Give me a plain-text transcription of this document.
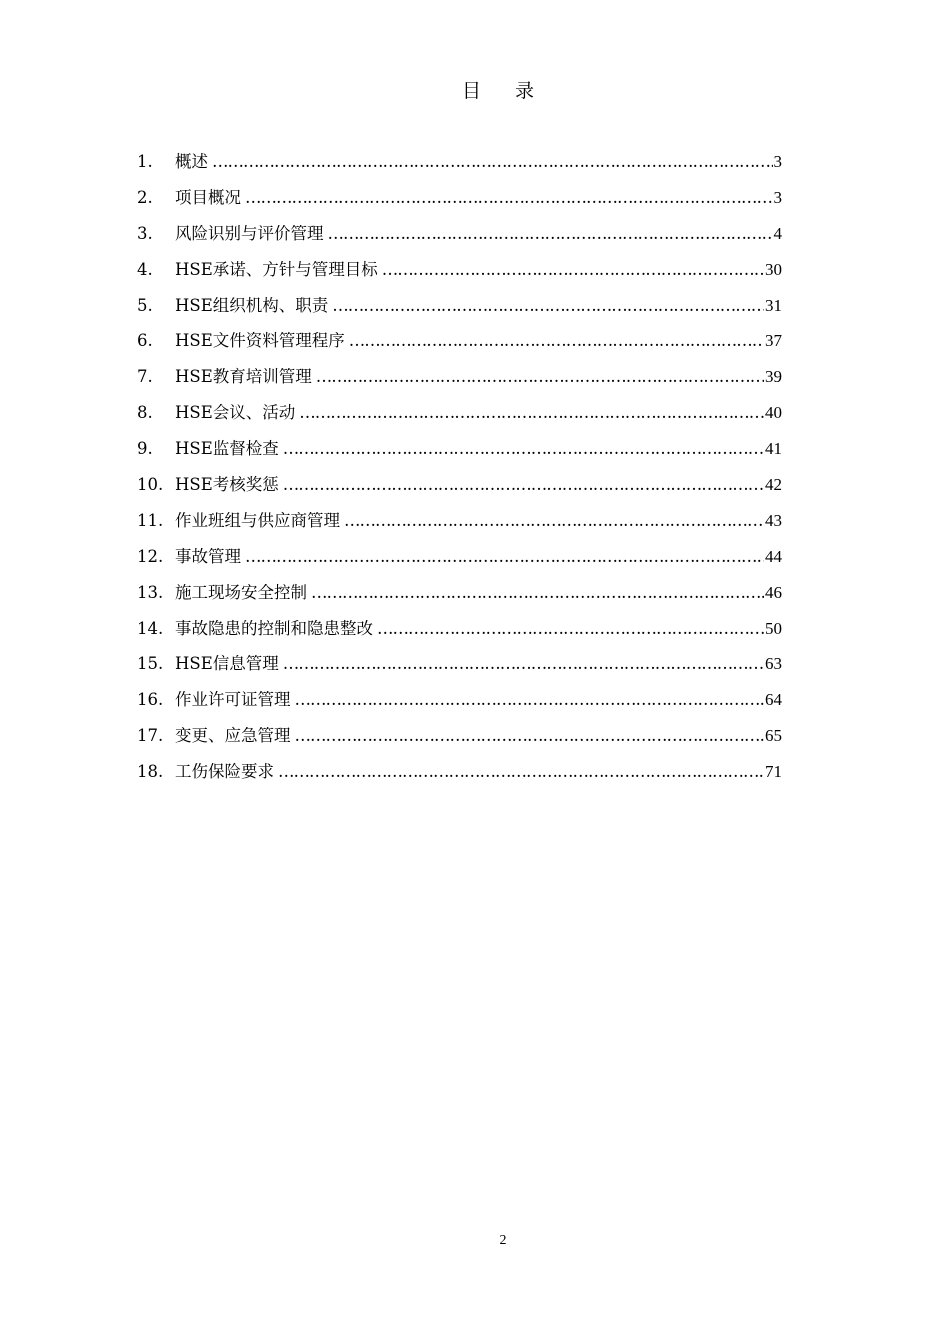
目 录
1.	概述 …………………………………………………………………………………………………………………………………………………………………	3
2.	项目概况 …………………………………………………………………………………………………………………………………………………………………	3
3.	风险识别与评价管理 …………………………………………………………………………………………………………………………………………………………………	4
4.	HSE承诺、方针与管理目标 …………………………………………………………………………………………………………………………………………………………………	30
5.	HSE组织机构、职责 …………………………………………………………………………………………………………………………………………………………………	31
6.	HSE文件资料管理程序 …………………………………………………………………………………………………………………………………………………………………	37
7.	HSE教育培训管理 …………………………………………………………………………………………………………………………………………………………………	39
8.	HSE会议、活动 …………………………………………………………………………………………………………………………………………………………………	40
9.	HSE监督检查 …………………………………………………………………………………………………………………………………………………………………	41
10. HSE考核奖惩 …………………………………………………………………………………………………………………………………………………………………	42
11. 作业班组与供应商管理 …………………………………………………………………………………………………………………………………………………………………	43
12. 事故管理 …………………………………………………………………………………………………………………………………………………………………	44
13. 施工现场安全控制 …………………………………………………………………………………………………………………………………………………………………	46
14. 事故隐患的控制和隐患整改 …………………………………………………………………………………………………………………………………………………………………	50
15. HSE信息管理 …………………………………………………………………………………………………………………………………………………………………	63
16. 作业许可证管理 …………………………………………………………………………………………………………………………………………………………………	64
17. 变更、应急管理 …………………………………………………………………………………………………………………………………………………………………	65
18. 工伤保险要求 …………………………………………………………………………………………………………………………………………………………………	71
2
